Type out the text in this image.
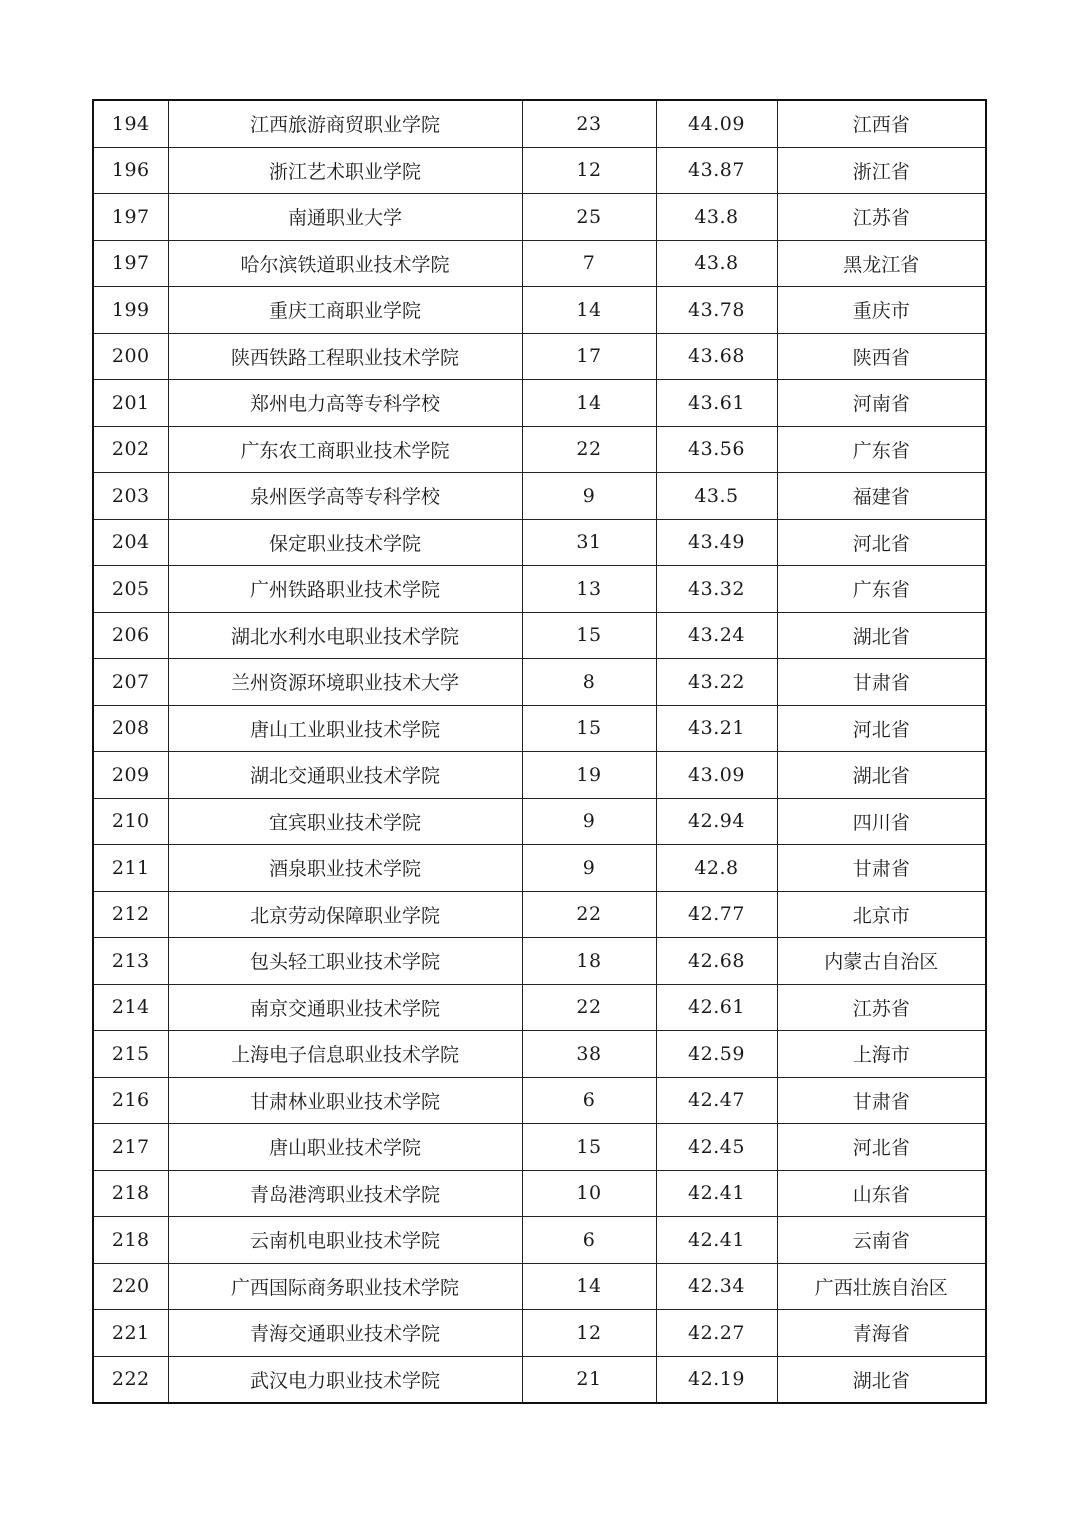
194	江西旅游商贸职业学院	23	44.09	江西省
196	浙江艺术职业学院	12	43.87	浙江省
197	南通职业大学	25	43.8	江苏省
197	哈尔滨铁道职业技术学院	7	43.8	黑龙江省
199	重庆工商职业学院	14	43.78	重庆市
200	陕西铁路工程职业技术学院	17	43.68	陕西省
201	郑州电力高等专科学校	14	43.61	河南省
202	广东农工商职业技术学院	22	43.56	广东省
203	泉州医学高等专科学校	9	43.5	福建省
204	保定职业技术学院	31	43.49	河北省
205	广州铁路职业技术学院	13	43.32	广东省
206	湖北水利水电职业技术学院	15	43.24	湖北省
207	兰州资源环境职业技术大学	8	43.22	甘肃省
208	唐山工业职业技术学院	15	43.21	河北省
209	湖北交通职业技术学院	19	43.09	湖北省
210	宜宾职业技术学院	9	42.94	四川省
211	酒泉职业技术学院	9	42.8	甘肃省
212	北京劳动保障职业学院	22	42.77	北京市
213	包头轻工职业技术学院	18	42.68	内蒙古自治区
214	南京交通职业技术学院	22	42.61	江苏省
215	上海电子信息职业技术学院	38	42.59	上海市
216	甘肃林业职业技术学院	6	42.47	甘肃省
217	唐山职业技术学院	15	42.45	河北省
218	青岛港湾职业技术学院	10	42.41	山东省
218	云南机电职业技术学院	6	42.41	云南省
220	广西国际商务职业技术学院	14	42.34	广西壮族自治区
221	青海交通职业技术学院	12	42.27	青海省
222	武汉电力职业技术学院	21	42.19	湖北省
